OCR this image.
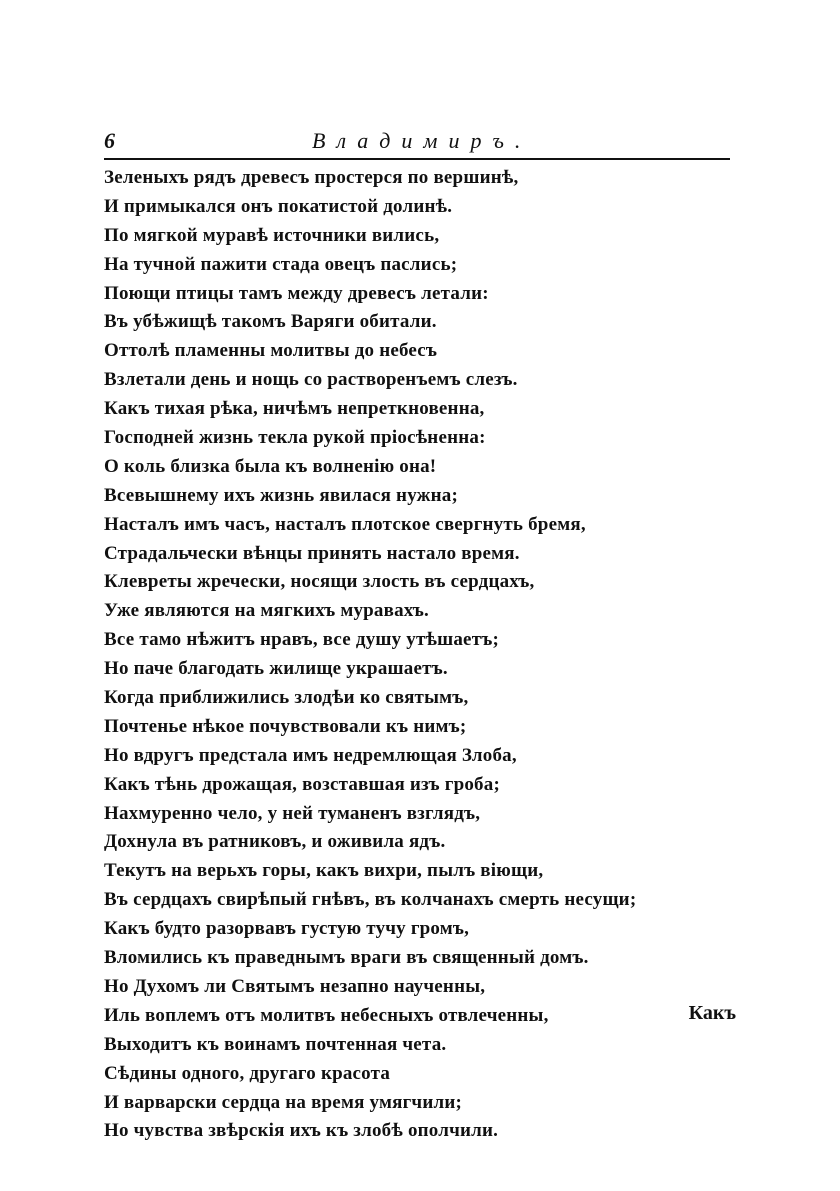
6	Владимиръ.
Зеленыхъ рядъ древесъ простерся по вершинѣ,
И примыкался онъ покатистой долинѣ.
По мягкой муравѣ источники вились,
На тучной пажити стада овецъ паслись;
Поющи птицы тамъ между древесъ летали:
Въ убѣжищѣ такомъ Варяги обитали.
Оттолѣ пламенны молитвы до небесъ
Взлетали день и нощь со растворенъемъ слезъ.
Какъ тихая рѣка, ничѣмъ непреткновенна,
Господней жизнь текла рукой пріосѣненна:
О коль близка была къ волненію она!
Всевышнему ихъ жизнь явилася нужна;
Насталъ имъ часъ, насталъ плотское свергнуть бремя,
Страдальчески вѣнцы принять настало время.
Клевреты жречески, носящи злость въ сердцахъ,
Уже являются на мягкихъ муравахъ.
Все тамо нѣжитъ нравъ, все душу утѣшаетъ;
Но паче благодать жилище украшаетъ.
Когда приближились злодѣи ко святымъ,
Почтенье нѣкое почувствовали къ нимъ;
Но вдругъ предстала имъ недремлющая Злоба,
Какъ тѣнь дрожащая, возставшая изъ гроба;
Нахмуренно чело, у ней туманенъ взглядъ,
Дохнула въ ратниковъ, и оживила ядъ.
Текутъ на верьхъ горы, какъ вихри, пылъ віющи,
Въ сердцахъ свирѣпый гнѣвъ, въ колчанахъ смерть несущи;
Какъ будто разорвавъ густую тучу громъ,
Вломились къ праведнымъ враги въ священный домъ.
Но Духомъ ли Святымъ незапно наученны,
Иль воплемъ отъ молитвъ небесныхъ отвлеченны,
Выходитъ къ воинамъ почтенная чета.
Сѣдины одного, другаго красота
И варварски сердца на время умягчили;
Но чувства звѣрскія ихъ къ злобѣ ополчили.
Какъ
